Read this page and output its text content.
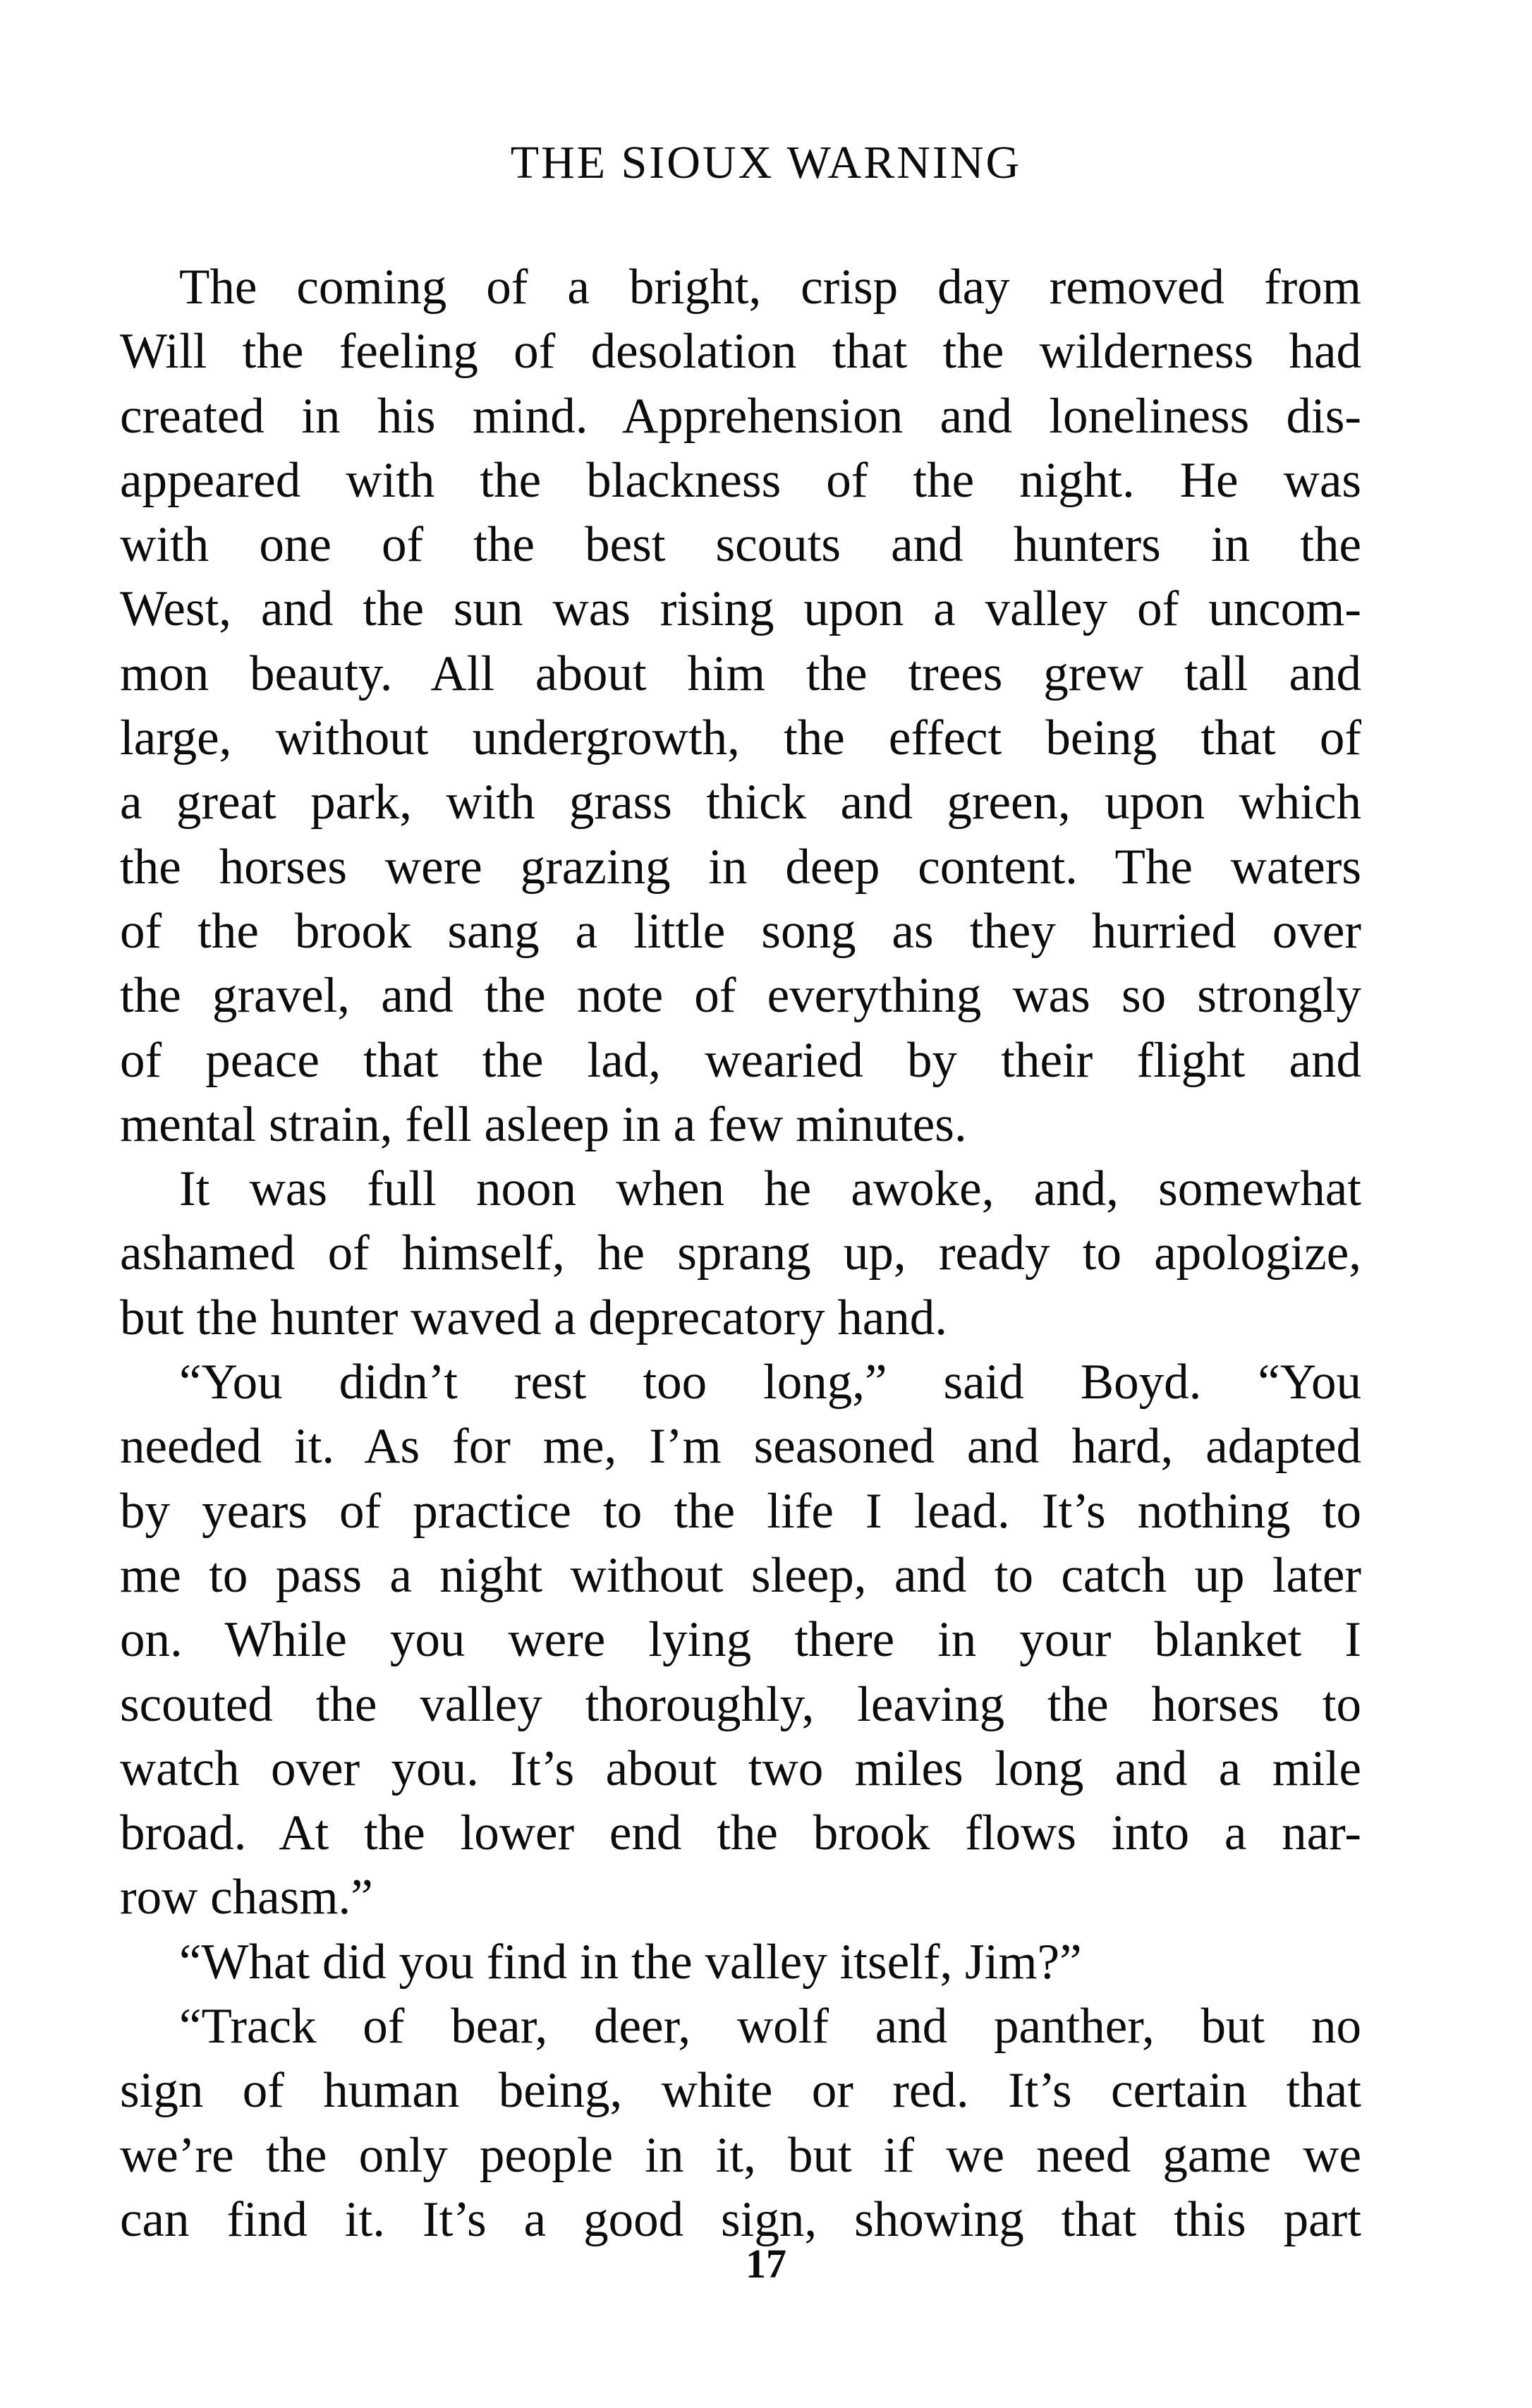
THE SIOUX WARNING
The coming of a bright, crisp day removed from
Will the feeling of desolation that the wilderness had
created in his mind. Apprehension and loneliness dis-
appeared with the blackness of the night. He was
with one of the best scouts and hunters in the
West, and the sun was rising upon a valley of uncom-
mon beauty. All about him the trees grew tall and
large, without undergrowth, the effect being that of
a great park, with grass thick and green, upon which
the horses were grazing in deep content. The waters
of the brook sang a little song as they hurried over
the gravel, and the note of everything was so strongly
of peace that the lad, wearied by their flight and
mental strain, fell asleep in a few minutes.
It was full noon when he awoke, and, somewhat
ashamed of himself, he sprang up, ready to apologize,
but the hunter waved a deprecatory hand.
“You didn’t rest too long,” said Boyd. “You
needed it. As for me, I’m seasoned and hard, adapted
by years of practice to the life I lead. It’s nothing to
me to pass a night without sleep, and to catch up later
on. While you were lying there in your blanket I
scouted the valley thoroughly, leaving the horses to
watch over you. It’s about two miles long and a mile
broad. At the lower end the brook flows into a nar-
row chasm.”
“What did you find in the valley itself, Jim?”
“Track of bear, deer, wolf and panther, but no
sign of human being, white or red. It’s certain that
we’re the only people in it, but if we need game we
can find it. It’s a good sign, showing that this part
17
